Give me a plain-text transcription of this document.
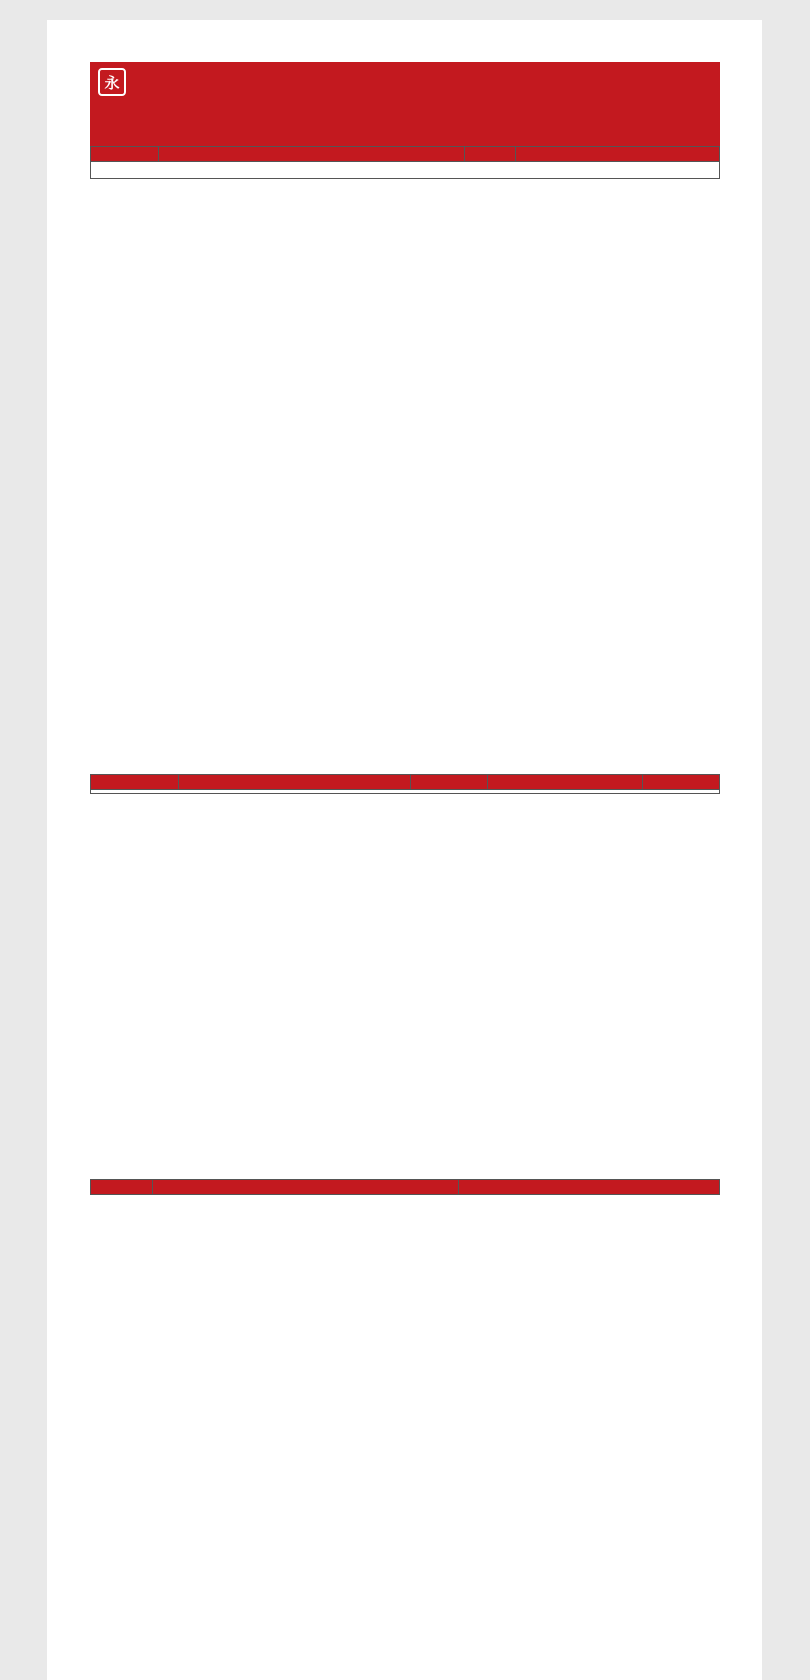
永
